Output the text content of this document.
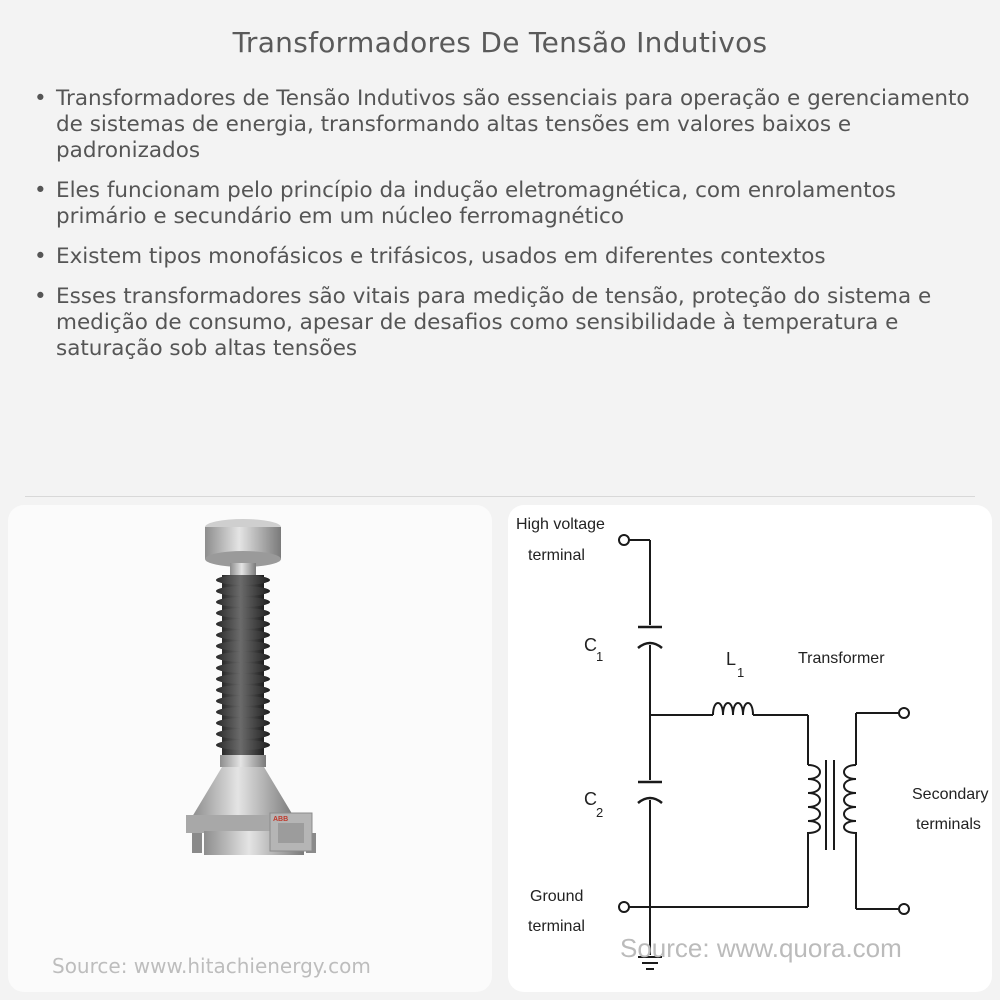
Transformadores De Tensão Indutivos
• Transformadores de Tensão Indutivos são essenciais para operação e gerenciamento de sistemas de energia, transformando altas tensões em valores baixos e padronizados
• Eles funcionam pelo princípio da indução eletromagnética, com enrolamentos primário e secundário em um núcleo ferromagnético
• Existem tipos monofásicos e trifásicos, usados em diferentes contextos
• Esses transformadores são vitais para medição de tensão, proteção do sistema e medição de consumo, apesar de desafios como sensibilidade à temperatura e saturação sob altas tensões
ABB
Source: www.hitachienergy.com
High voltage
terminal
C
1
C
2
L
1
Transformer
Secondary
terminals
Ground
terminal
Source: www.quora.com
